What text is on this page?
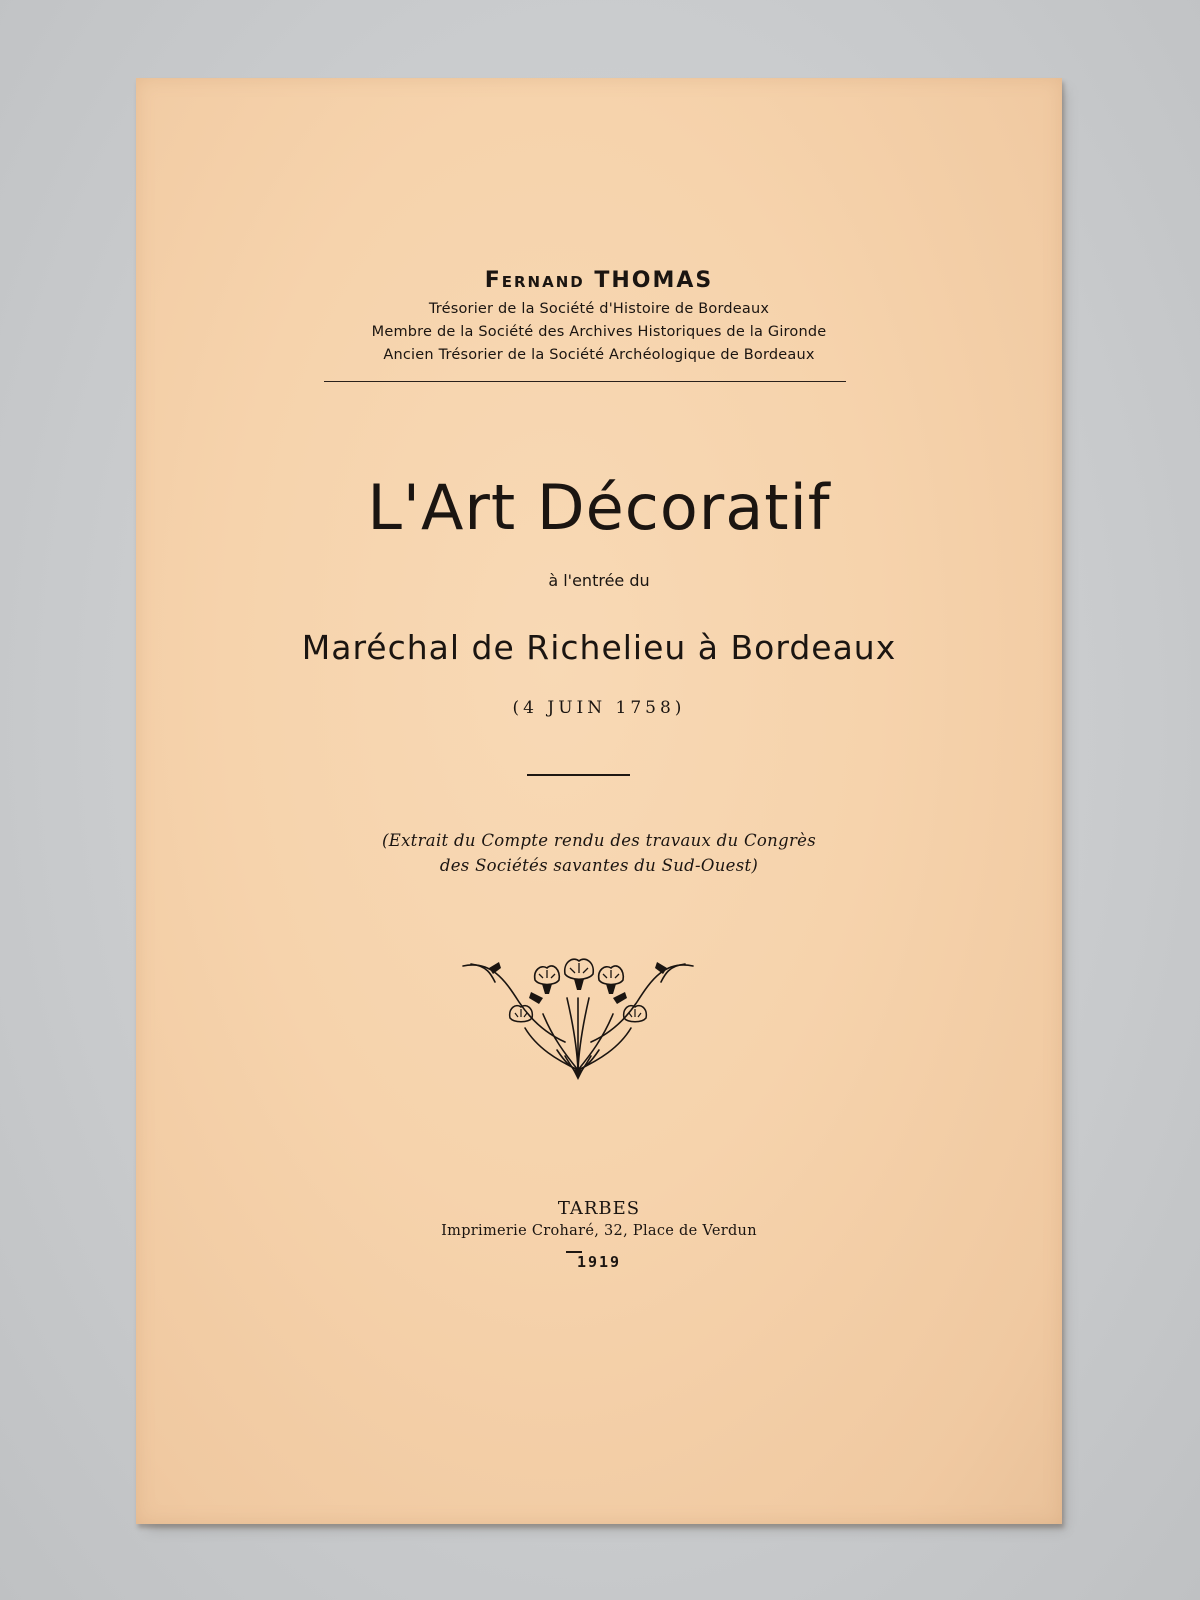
Fernand THOMAS
Trésorier de la Société d'Histoire de Bordeaux
Membre de la Société des Archives Historiques de la Gironde
Ancien Trésorier de la Société Archéologique de Bordeaux
L'Art Décoratif
à l'entrée du
Maréchal de Richelieu à Bordeaux
(4 JUIN 1758)
(Extrait du Compte rendu des travaux du Congrès
des Sociétés savantes du Sud-Ouest)
TARBES
Imprimerie Croharé, 32, Place de Verdun
1919
